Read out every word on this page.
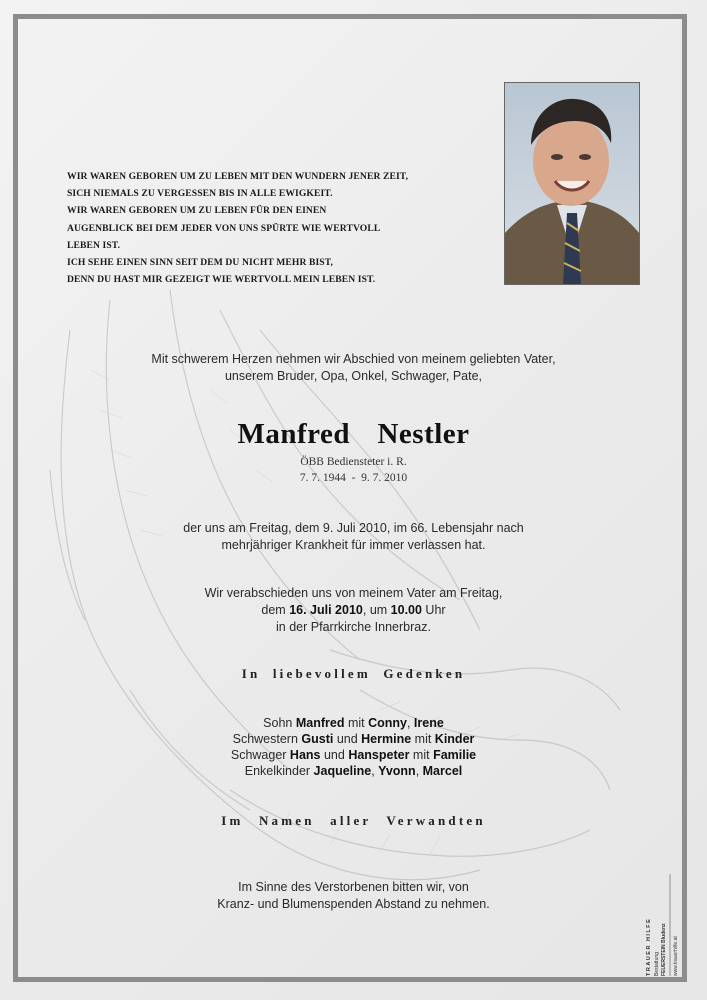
WIR WAREN GEBOREN UM ZU LEBEN MIT DEN WUNDERN JENER ZEIT,
SICH NIEMALS ZU VERGESSEN BIS IN ALLE EWIGKEIT.
WIR WAREN GEBOREN UM ZU LEBEN FÜR DEN EINEN
AUGENBLICK BEI DEM JEDER VON UNS SPÜRTE WIE WERTVOLL
LEBEN IST.
ICH SEHE EINEN SINN SEIT DEM DU NICHT MEHR BIST,
DENN DU HAST MIR GEZEIGT WIE WERTVOLL MEIN LEBEN IST.
Mit schwerem Herzen nehmen wir Abschied von meinem geliebten Vater,
unserem Bruder, Opa, Onkel, Schwager, Pate,
Manfred  Nestler
ÖBB Bediensteter i. R.
7. 7. 1944  -  9. 7. 2010
der uns am Freitag, dem 9. Juli 2010, im 66. Lebensjahr nach
mehrjähriger Krankheit für immer verlassen hat.
Wir verabschieden uns von meinem Vater am Freitag,
dem 16. Juli 2010, um 10.00 Uhr
in der Pfarrkirche Innerbraz.
In liebevollem Gedenken
Sohn Manfred mit Conny, Irene
Schwestern Gusti und Hermine mit Kinder
Schwager Hans und Hanspeter mit Familie
Enkelkinder Jaqueline, Yvonn, Marcel
Im Namen aller Verwandten
Im Sinne des Verstorbenen bitten wir, von
Kranz- und Blumenspenden Abstand zu nehmen.
TRAUER HILFE Bestattung FEUERSTEIN Bludenz www.trauerhilfe.at
